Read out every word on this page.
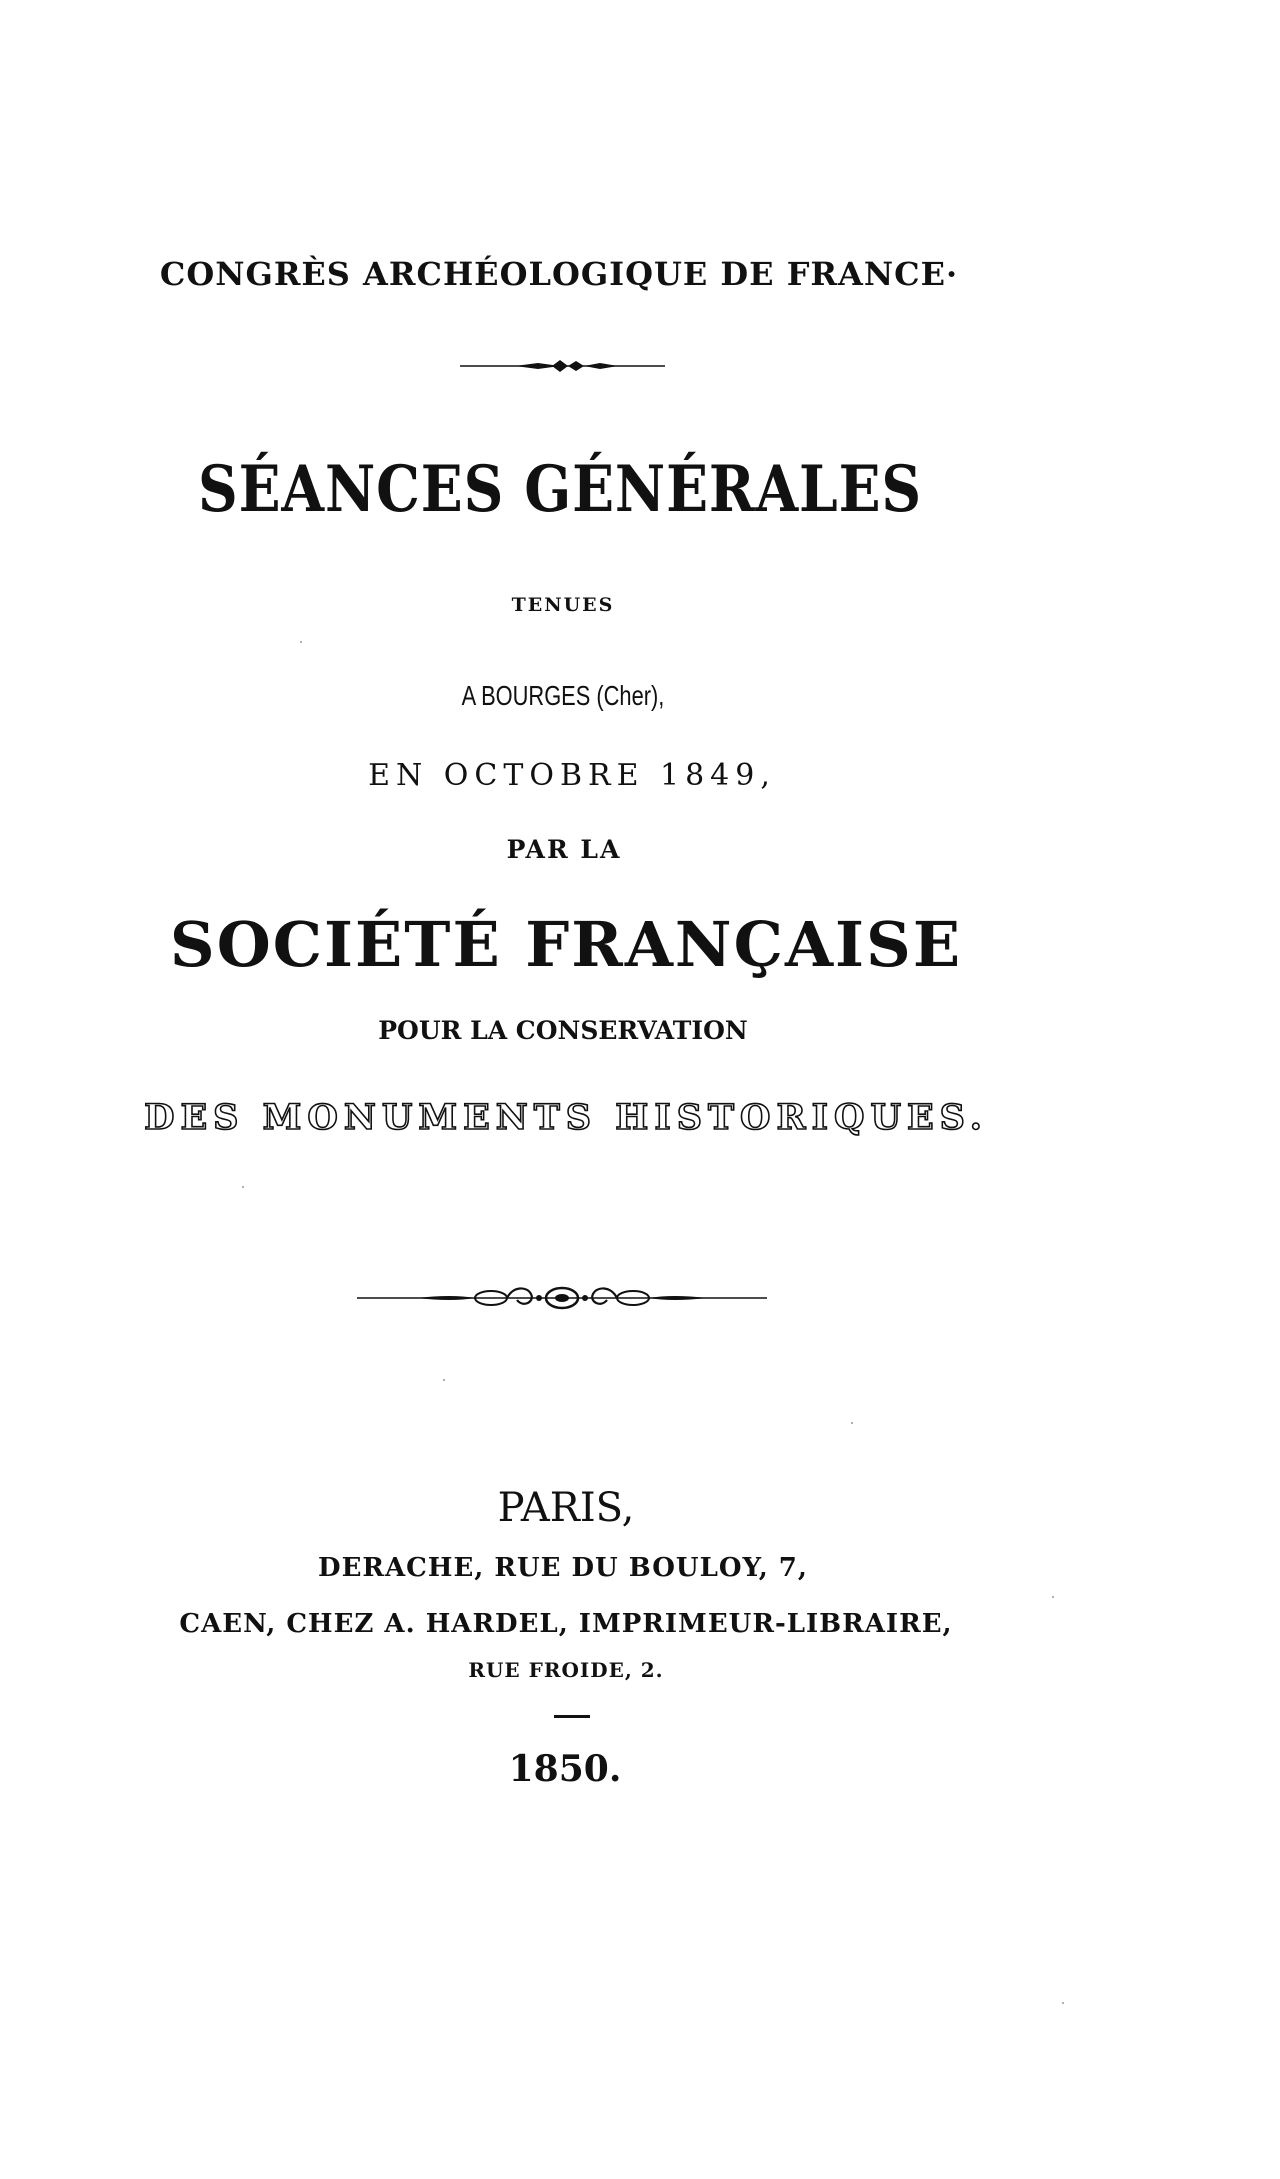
CONGRÈS ARCHÉOLOGIQUE DE FRANCE·
SÉANCES GÉNÉRALES
TENUES
A BOURGES (Cher),
EN OCTOBRE 1849,
PAR LA
SOCIÉTÉ FRANÇAISE
POUR LA CONSERVATION
DES MONUMENTS HISTORIQUES.
PARIS,
DERACHE, RUE DU BOULOY, 7,
CAEN, CHEZ A. HARDEL, IMPRIMEUR-LIBRAIRE,
RUE FROIDE, 2.
1850.
